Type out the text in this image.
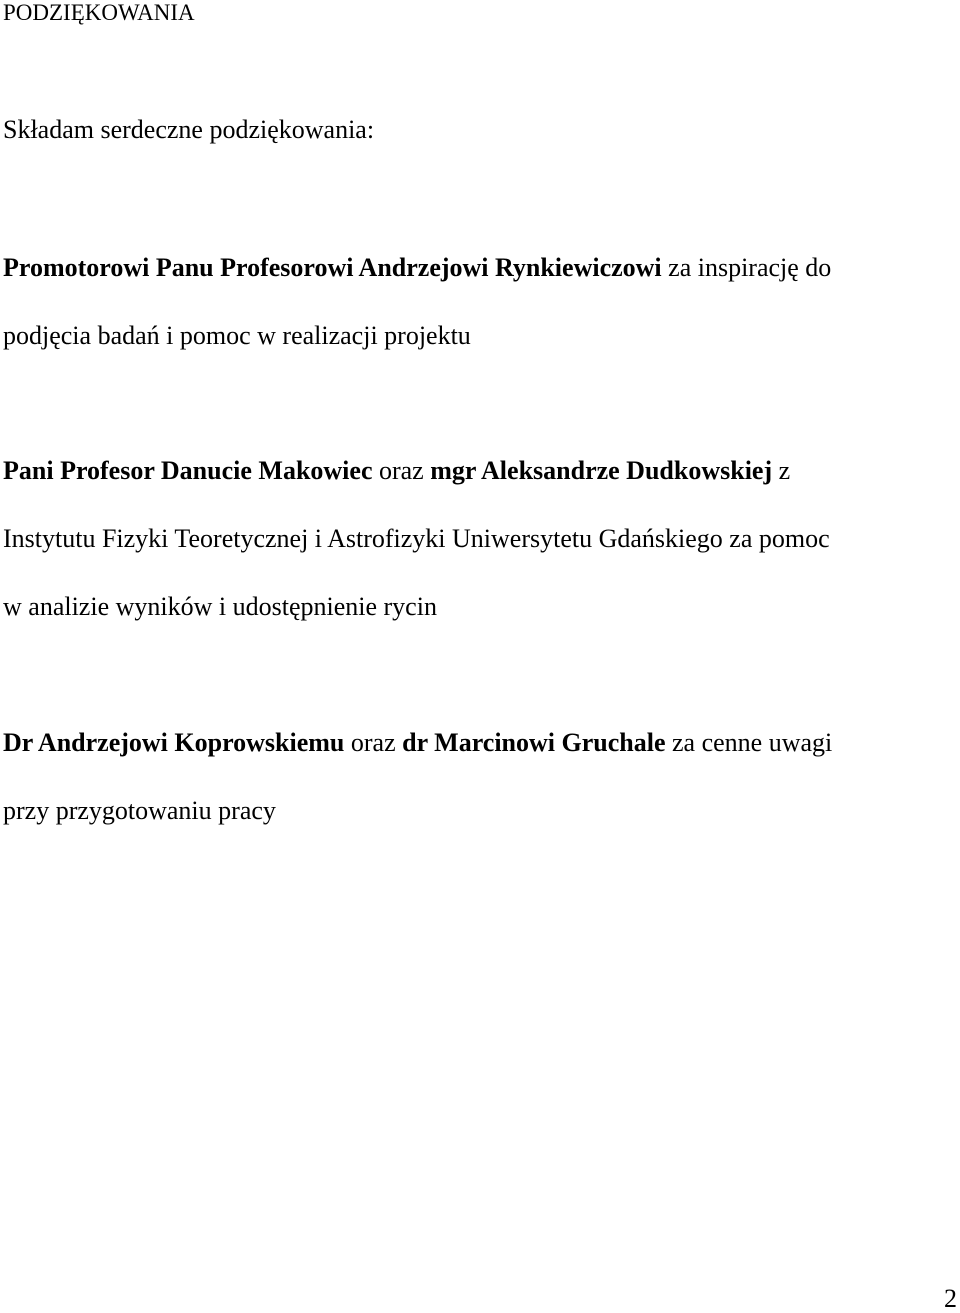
PODZIĘKOWANIA
Składam serdeczne podziękowania:
Promotorowi Panu Profesorowi Andrzejowi Rynkiewiczowi za inspirację do
podjęcia badań i pomoc w realizacji projektu
Pani Profesor Danucie Makowiec oraz mgr Aleksandrze Dudkowskiej z
Instytutu Fizyki Teoretycznej i Astrofizyki Uniwersytetu Gdańskiego za pomoc
w analizie wyników i udostępnienie rycin
Dr Andrzejowi Koprowskiemu oraz dr Marcinowi Gruchale za cenne uwagi
przy przygotowaniu pracy
2
